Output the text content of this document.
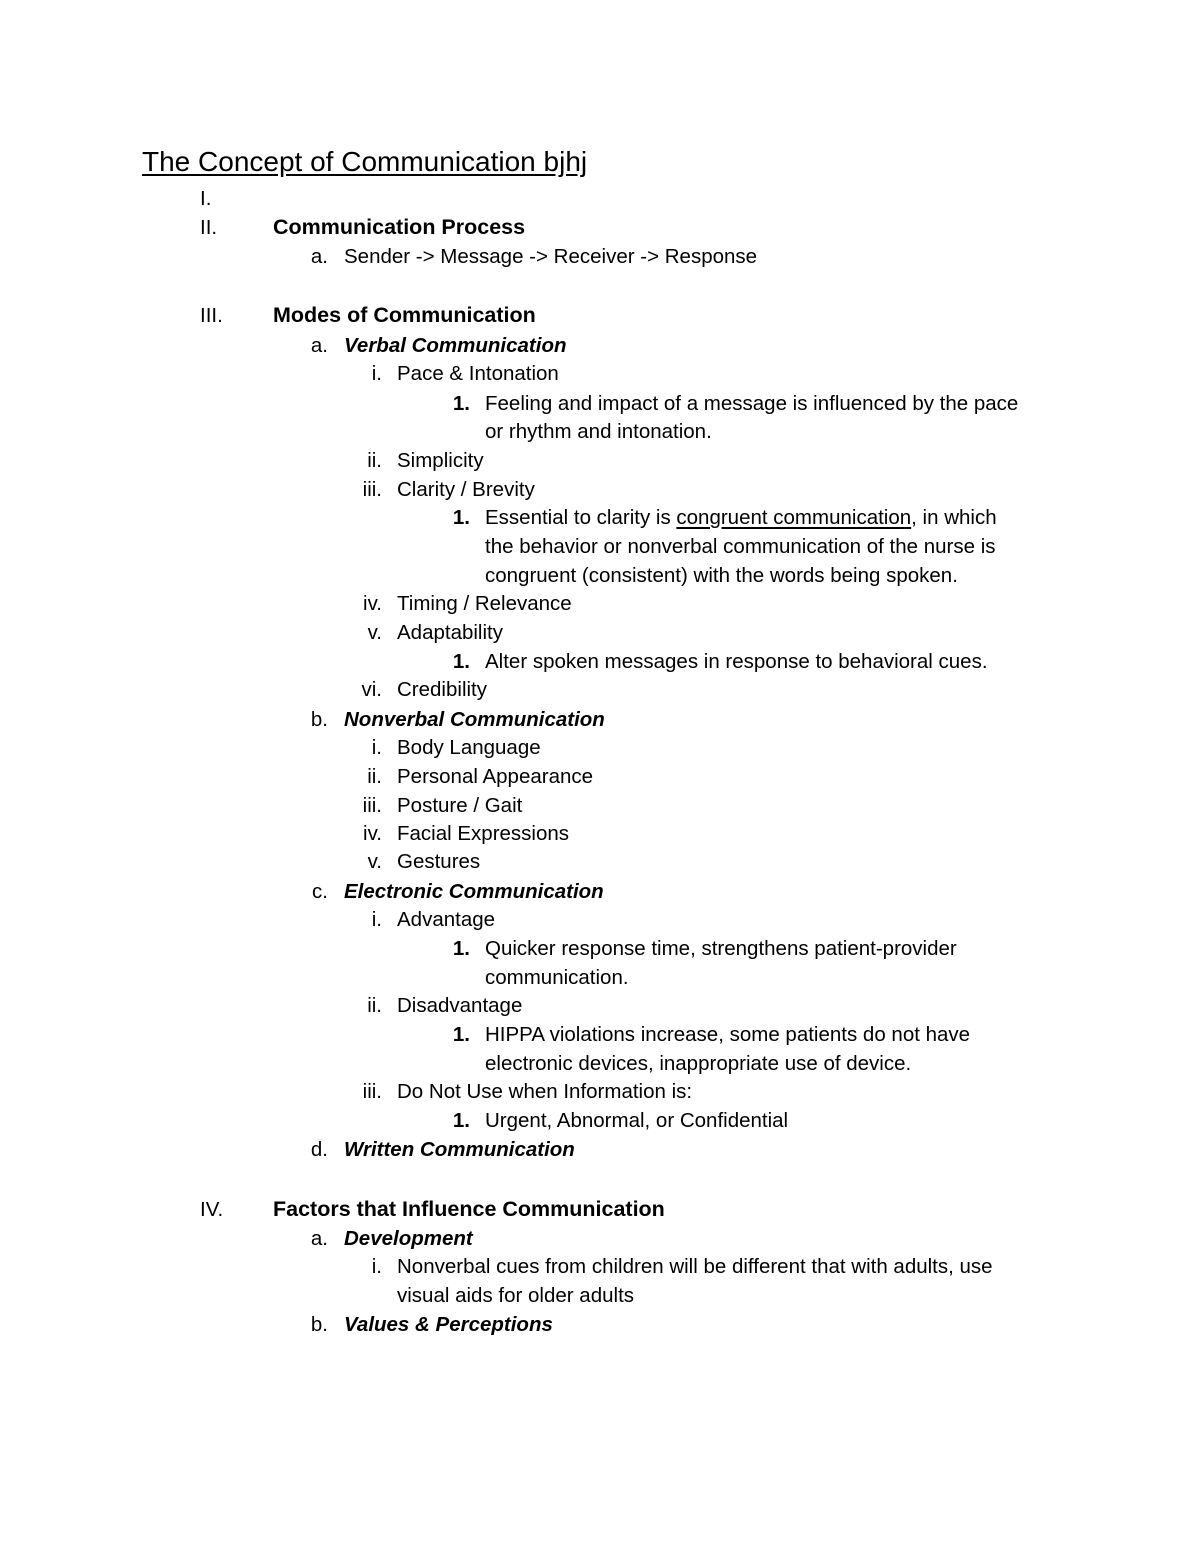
The Concept of Communication bjhj
I.
II.	Communication Process
a. Sender -> Message -> Receiver -> Response
III. Modes of Communication
a. Verbal Communication
i. Pace & Intonation
1. Feeling and impact of a message is influenced by the pace
or rhythm and intonation.
ii. Simplicity
iii. Clarity / Brevity
1. Essential to clarity is congruent communication, in which
the behavior or nonverbal communication of the nurse is
congruent (consistent) with the words being spoken.
iv. Timing / Relevance
v. Adaptability
1. Alter spoken messages in response to behavioral cues.
vi. Credibility
b. Nonverbal Communication
i. Body Language
ii. Personal Appearance
iii. Posture / Gait
iv. Facial Expressions
v. Gestures
c. Electronic Communication
i. Advantage
1. Quicker response time, strengthens patient-provider
communication.
ii. Disadvantage
1. HIPPA violations increase, some patients do not have
electronic devices, inappropriate use of device.
iii. Do Not Use when Information is:
1. Urgent, Abnormal, or Confidential
d. Written Communication
IV. Factors that Influence Communication
a. Development
i. Nonverbal cues from children will be different that with adults, use
visual aids for older adults
b. Values & Perceptions
